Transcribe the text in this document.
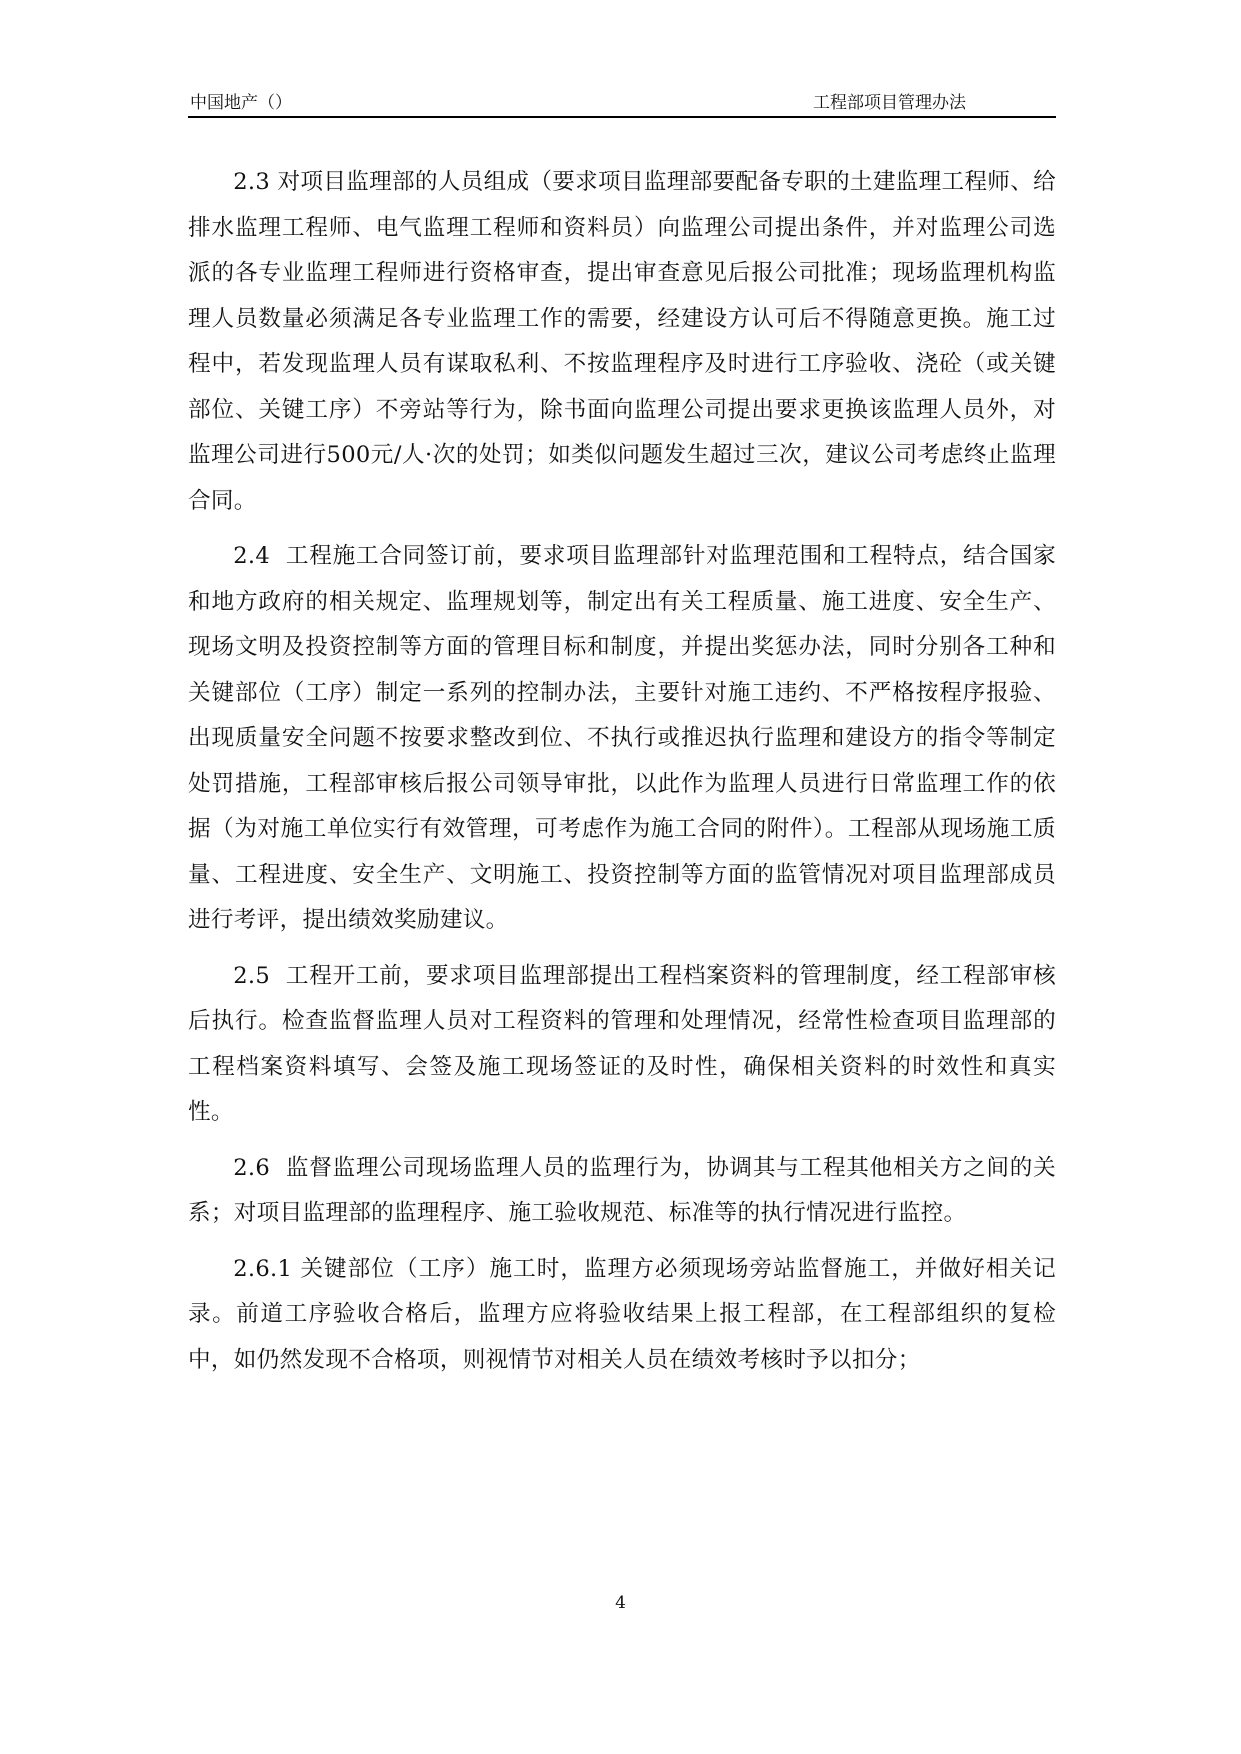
中国地产（）	工程部项目管理办法

2.3 对项目监理部的人员组成（要求项目监理部要配备专职的土建监理工程师、给排水监理工程师、电气监理工程师和资料员）向监理公司提出条件，并对监理公司选派的各专业监理工程师进行资格审查，提出审查意见后报公司批准；现场监理机构监理人员数量必须满足各专业监理工作的需要，经建设方认可后不得随意更换。施工过程中，若发现监理人员有谋取私利、不按监理程序及时进行工序验收、浇砼（或关键部位、关键工序）不旁站等行为，除书面向监理公司提出要求更换该监理人员外，对监理公司进行500元/人·次的处罚；如类似问题发生超过三次，建议公司考虑终止监理合同。

2.4  工程施工合同签订前，要求项目监理部针对监理范围和工程特点，结合国家和地方政府的相关规定、监理规划等，制定出有关工程质量、施工进度、安全生产、现场文明及投资控制等方面的管理目标和制度，并提出奖惩办法，同时分别各工种和关键部位（工序）制定一系列的控制办法，主要针对施工违约、不严格按程序报验、出现质量安全问题不按要求整改到位、不执行或推迟执行监理和建设方的指令等制定处罚措施，工程部审核后报公司领导审批，以此作为监理人员进行日常监理工作的依据（为对施工单位实行有效管理，可考虑作为施工合同的附件）。工程部从现场施工质量、工程进度、安全生产、文明施工、投资控制等方面的监管情况对项目监理部成员进行考评，提出绩效奖励建议。

2.5  工程开工前，要求项目监理部提出工程档案资料的管理制度，经工程部审核后执行。检查监督监理人员对工程资料的管理和处理情况，经常性检查项目监理部的工程档案资料填写、会签及施工现场签证的及时性，确保相关资料的时效性和真实性。

2.6  监督监理公司现场监理人员的监理行为，协调其与工程其他相关方之间的关系；对项目监理部的监理程序、施工验收规范、标准等的执行情况进行监控。

2.6.1 关键部位（工序）施工时，监理方必须现场旁站监督施工，并做好相关记录。前道工序验收合格后，监理方应将验收结果上报工程部，在工程部组织的复检中，如仍然发现不合格项，则视情节对相关人员在绩效考核时予以扣分；

4
